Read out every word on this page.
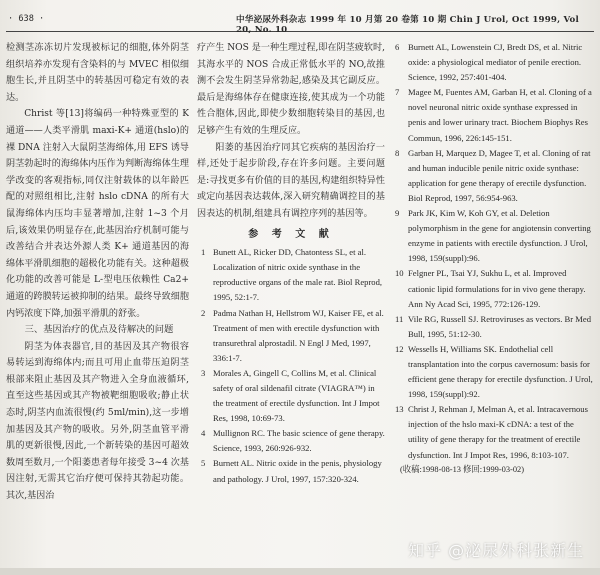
· 638 ·	中华泌尿外科杂志 1999 年 10 月第 20 卷第 10 期 Chin J Urol, Oct 1999, Vol 20, No. 10

检测茎冻冻切片发现被标记的细胞,体外阴茎组织培养亦发现有含染料的与 MVEC 相似细胞生长,并且阴茎中的转基因可稳定有效的表达。

Christ 等[13]将编码一种特殊亚型的 K 通道——人类平滑肌 maxi-K+ 通道(hslo)的裸 DNA 注射入大鼠阴茎海绵体,用 EFS 诱导阴茎勃起时的海绵体内压作为判断海绵体生理学改变的客观指标,同仅注射载体的以年龄匹配的对照组相比,注射 hslo cDNA 的所有大鼠海绵体内压均丰显著增加,注射 1~3 个月后,该效果仍明显存在,此基因治疗机制可能与改善结合并表达外源人类 K+ 通道基因的海绵体平滑肌细胞的超极化功能有关。这种超极化功能的改善可能是 L-型电压依赖性 Ca2+ 通道的跨膜转运被抑制的结果。最终导致细胞内钙浓度下降,加强平滑肌的舒张。

三、基因治疗的优点及待解决的问题

阴茎为体表器官,目的基因及其产物很容易转运到海绵体内;而且可用止血带压迫阴茎根部来阻止基因及其产物进入全身血液循环,直至这些基因或其产物被靶细胞吸收;静止状态时,阴茎内血流很慢(约 5ml/min),这一步增加基因及其产物的吸收。另外,阴茎血管平滑肌的更新很慢,因此,一个新转染的基因可超效数周至数月,一个阳萎患者每年接受 3~4 次基因注射,无需其它治疗便可保持其勃起功能。其次,基因治

疗产生 NOS 是一种生理过程,即在阴茎疲软时,其海水平的 NOS 合成正常低水平的 NO,故推测不会发生阴茎异常勃起,感染及其它副反应。最后是海绵体存在健康连接,使其成为一个功能性合胞体,因此,即使少数细胞转染目的基因,也足够产生有效的生理反应。

阳萎的基因治疗同其它疾病的基因治疗一样,还处于起步阶段,存在许多问题。主要问题是:寻找更多有价值的目的基因,构建组织特异性或定向基因表达载体,深入研究精确调控目的基因表达的机制,组建具有调控序列的基因等。

参 考 文 献
1 Bunett AL, Ricker DD, Chatontess SL, et al. Localization of nitric oxide synthase in the reproductive organs of the male rat. Biol Reprod, 1995, 52:1-7.
2 Padma Nathan H, Hellstrom WJ, Kaiser FE, et al. Treatment of men with erectile dysfunction with transurethral alprostadil. N Engl J Med, 1997, 336:1-7.
3 Morales A, Gingell C, Collins M, et al. Clinical safety of oral sildenafil citrate (VIAGRA™) in the treatment of erectile dysfunction. Int J Impot Res, 1998, 10:69-73.
4 Mullignon RC. The basic science of gene therapy. Science, 1993, 260:926-932.
5 Burnett AL. Nitric oxide in the penis, physiology and pathology. J Urol, 1997, 157:320-324.
6 Burnett AL, Lowenstein CJ, Bredt DS, et al. Nitric oxide: a physiological mediator of penile erection. Science, 1992, 257:401-404.
7 Magee M, Fuentes AM, Garban H, et al. Cloning of a novel neuronal nitric oxide synthase expressed in penis and lower urinary tract. Biochem Biophys Res Commun, 1996, 226:145-151.
8 Garban H, Marquez D, Magee T, et al. Cloning of rat and human inducible penile nitric oxide synthase: application for gene therapy of erectile dysfunction. Biol Reprod, 1997, 56:954-963.
9 Park JK, Kim W, Koh GY, et al. Deletion polymorphism in the gene for angiotensin converting enzyme in patients with erectile dysfunction. J Urol, 1998, 159(suppl):96.
10 Felgner PL, Tsai YJ, Sukhu L, et al. Improved cationic lipid formulations for in vivo gene therapy. Ann Ny Acad Sci, 1995, 772:126-129.
11 Vile RG, Russell SJ. Retroviruses as vectors. Br Med Bull, 1995, 51:12-30.
12 Wessells H, Williams SK. Endothelial cell transplantation into the corpus cavernosum: basis for efficient gene therapy for erectile dysfunction. J Urol, 1998, 159(suppl):92.
13 Christ J, Rehman J, Melman A, et al. Intracavernous injection of the hslo maxi-K cDNA: a test of the utility of gene therapy for the treatment of erectile dysfunction. Int J Impot Res, 1996, 8:103-107.
(收稿:1998-08-13 修回:1999-03-02)
知乎 @泌尿外科张新生
